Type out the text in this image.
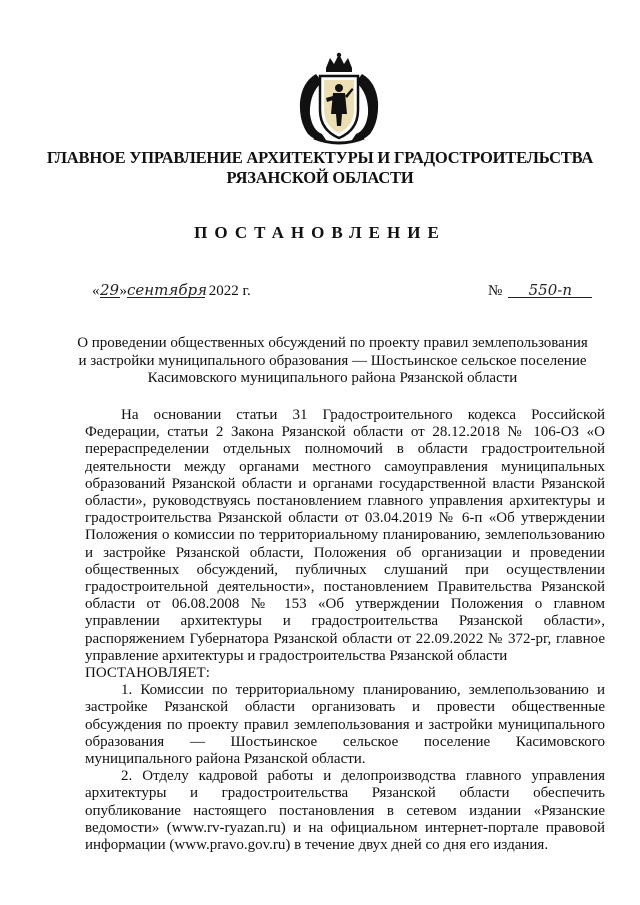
ГЛАВНОЕ УПРАВЛЕНИЕ АРХИТЕКТУРЫ И ГРАДОСТРОИТЕЛЬСТВА
РЯЗАНСКОЙ ОБЛАСТИ
ПОСТАНОВЛЕНИЕ
«29»сентября 2022 г.	№ 550-п
О проведении общественных обсуждений по проекту правил землепользования
и застройки муниципального образования — Шостьинское сельское поселение
Касимовского муниципального района Рязанской области

На основании статьи 31 Градостроительного кодекса Российской Федерации, статьи 2 Закона Рязанской области от 28.12.2018 № 106-ОЗ «О перераспределении отдельных полномочий в области градостроительной деятельности между органами местного самоуправления муниципальных образований Рязанской области и органами государственной власти Рязанской области», руководствуясь постановлением главного управления архитектуры и градостроительства Рязанской области от 03.04.2019 № 6-п «Об утверждении Положения о комиссии по территориальному планированию, землепользованию и застройке Рязанской области, Положения об организации и проведении общественных обсуждений, публичных слушаний при осуществлении градостроительной деятельности», постановлением Правительства Рязанской области от 06.08.2008 № 153 «Об утверждении Положения о главном управлении архитектуры и градостроительства Рязанской области», распоряжением Губернатора Рязанской области от 22.09.2022 № 372-рг, главное управление архитектуры и градостроительства Рязанской области

ПОСТАНОВЛЯЕТ:

1. Комиссии по территориальному планированию, землепользованию и застройке Рязанской области организовать и провести общественные обсуждения по проекту правил землепользования и застройки муниципального образования — Шостьинское сельское поселение Касимовского муниципального района Рязанской области.

2. Отделу кадровой работы и делопроизводства главного управления архитектуры и градостроительства Рязанской области обеспечить опубликование настоящего постановления в сетевом издании «Рязанские ведомости» (www.rv-ryazan.ru) и на официальном интернет-портале правовой информации (www.pravo.gov.ru) в течение двух дней со дня его издания.
